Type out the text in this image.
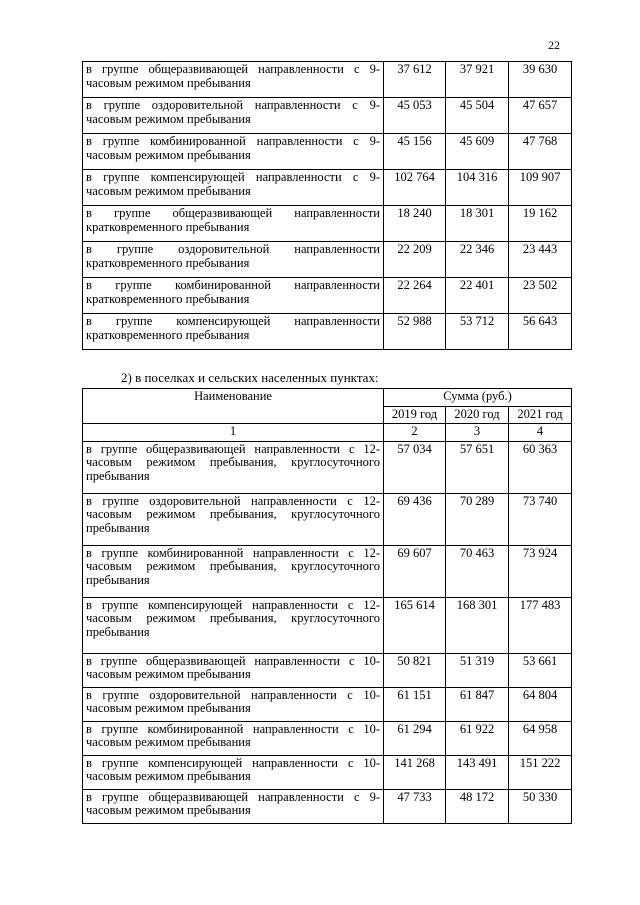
22
в группе общеразвивающей направленности с 9-часовым режимом пребывания	37 612	37 921	39 630
в группе оздоровительной направленности с 9-часовым режимом пребывания	45 053	45 504	47 657
в группе комбинированной направленности с 9-часовым режимом пребывания	45 156	45 609	47 768
в группе компенсирующей направленности с 9-часовым режимом пребывания	102 764	104 316	109 907
в группе общеразвивающей направленности кратковременного пребывания	18 240	18 301	19 162
в группе оздоровительной направленности кратковременного пребывания	22 209	22 346	23 443
в группе комбинированной направленности кратковременного пребывания	22 264	22 401	23 502
в группе компенсирующей направленности кратковременного пребывания	52 988	53 712	56 643
2) в поселках и сельских населенных пунктах:
Наименование	Сумма (руб.)		
	2019 год	2020 год	2021 год
1	2	3	4
в группе общеразвивающей направленности с 12-часовым режимом пребывания, круглосуточного пребывания	57 034	57 651	60 363
в группе оздоровительной направленности с 12-часовым режимом пребывания, круглосуточного пребывания	69 436	70 289	73 740
в группе комбинированной направленности с 12-часовым режимом пребывания, круглосуточного пребывания	69 607	70 463	73 924
в группе компенсирующей направленности с 12-часовым режимом пребывания, круглосуточного пребывания	165 614	168 301	177 483
в группе общеразвивающей направленности с 10-часовым режимом пребывания	50 821	51 319	53 661
в группе оздоровительной направленности с 10-часовым режимом пребывания	61 151	61 847	64 804
в группе комбинированной направленности с 10-часовым режимом пребывания	61 294	61 922	64 958
в группе компенсирующей направленности с 10-часовым режимом пребывания	141 268	143 491	151 222
в группе общеразвивающей направленности с 9-часовым режимом пребывания	47 733	48 172	50 330
